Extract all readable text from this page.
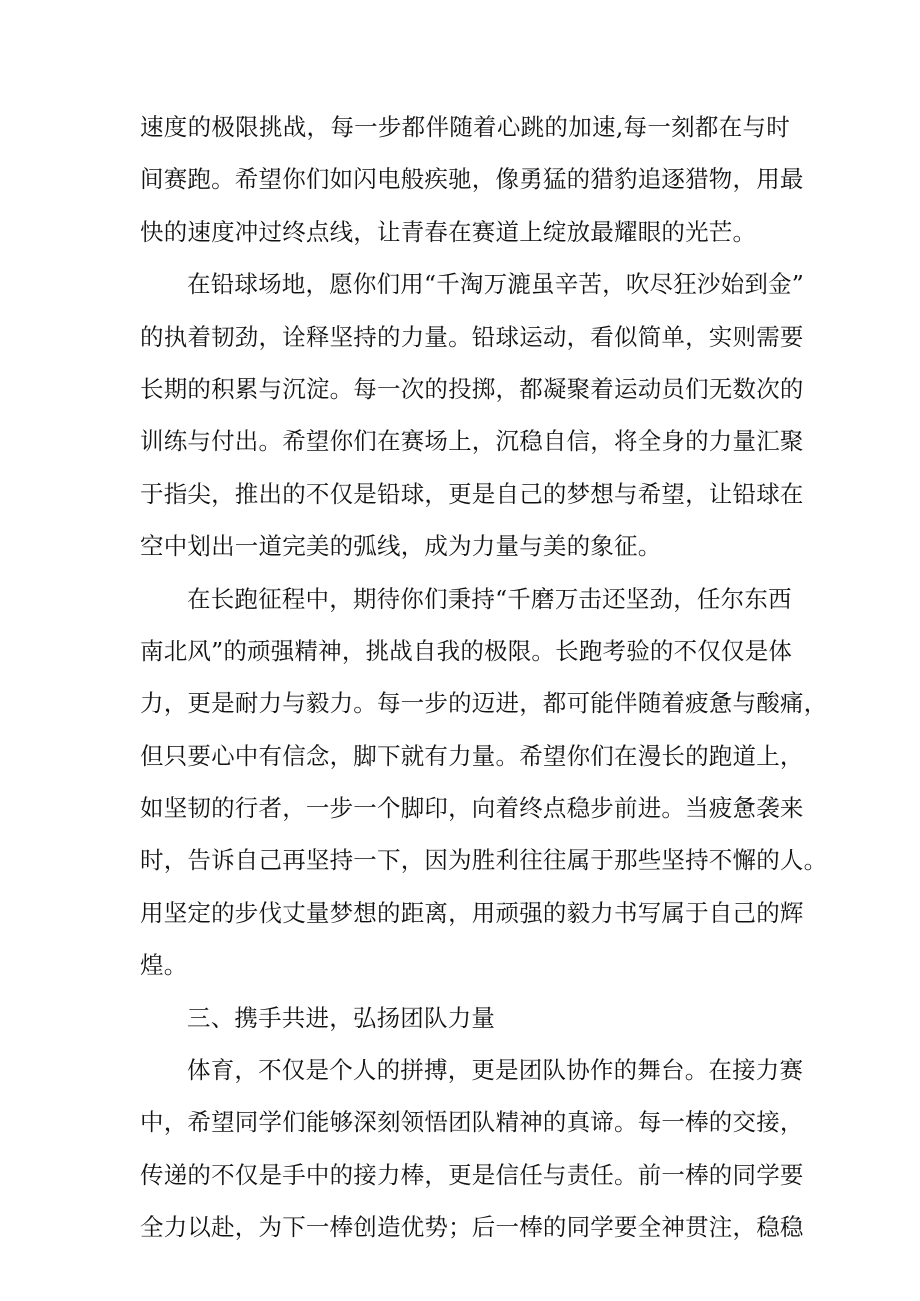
速度的极限挑战，每一步都伴随着心跳的加速,每一刻都在与时
间赛跑。希望你们如闪电般疾驰，像勇猛的猎豹追逐猎物，用最
快的速度冲过终点线，让青春在赛道上绽放最耀眼的光芒。
在铅球场地，愿你们用“千淘万漉虽辛苦，吹尽狂沙始到金”
的执着韧劲，诠释坚持的力量。铅球运动，看似简单，实则需要
长期的积累与沉淀。每一次的投掷，都凝聚着运动员们无数次的
训练与付出。希望你们在赛场上，沉稳自信，将全身的力量汇聚
于指尖，推出的不仅是铅球，更是自己的梦想与希望，让铅球在
空中划出一道完美的弧线，成为力量与美的象征。
在长跑征程中，期待你们秉持“千磨万击还坚劲，任尔东西
南北风”的顽强精神，挑战自我的极限。长跑考验的不仅仅是体
力，更是耐力与毅力。每一步的迈进，都可能伴随着疲惫与酸痛，
但只要心中有信念，脚下就有力量。希望你们在漫长的跑道上，
如坚韧的行者，一步一个脚印，向着终点稳步前进。当疲惫袭来
时，告诉自己再坚持一下，因为胜利往往属于那些坚持不懈的人。
用坚定的步伐丈量梦想的距离，用顽强的毅力书写属于自己的辉
煌。
三、携手共进，弘扬团队力量
体育，不仅是个人的拼搏，更是团队协作的舞台。在接力赛
中，希望同学们能够深刻领悟团队精神的真谛。每一棒的交接，
传递的不仅是手中的接力棒，更是信任与责任。前一棒的同学要
全力以赴，为下一棒创造优势；后一棒的同学要全神贯注，稳稳
